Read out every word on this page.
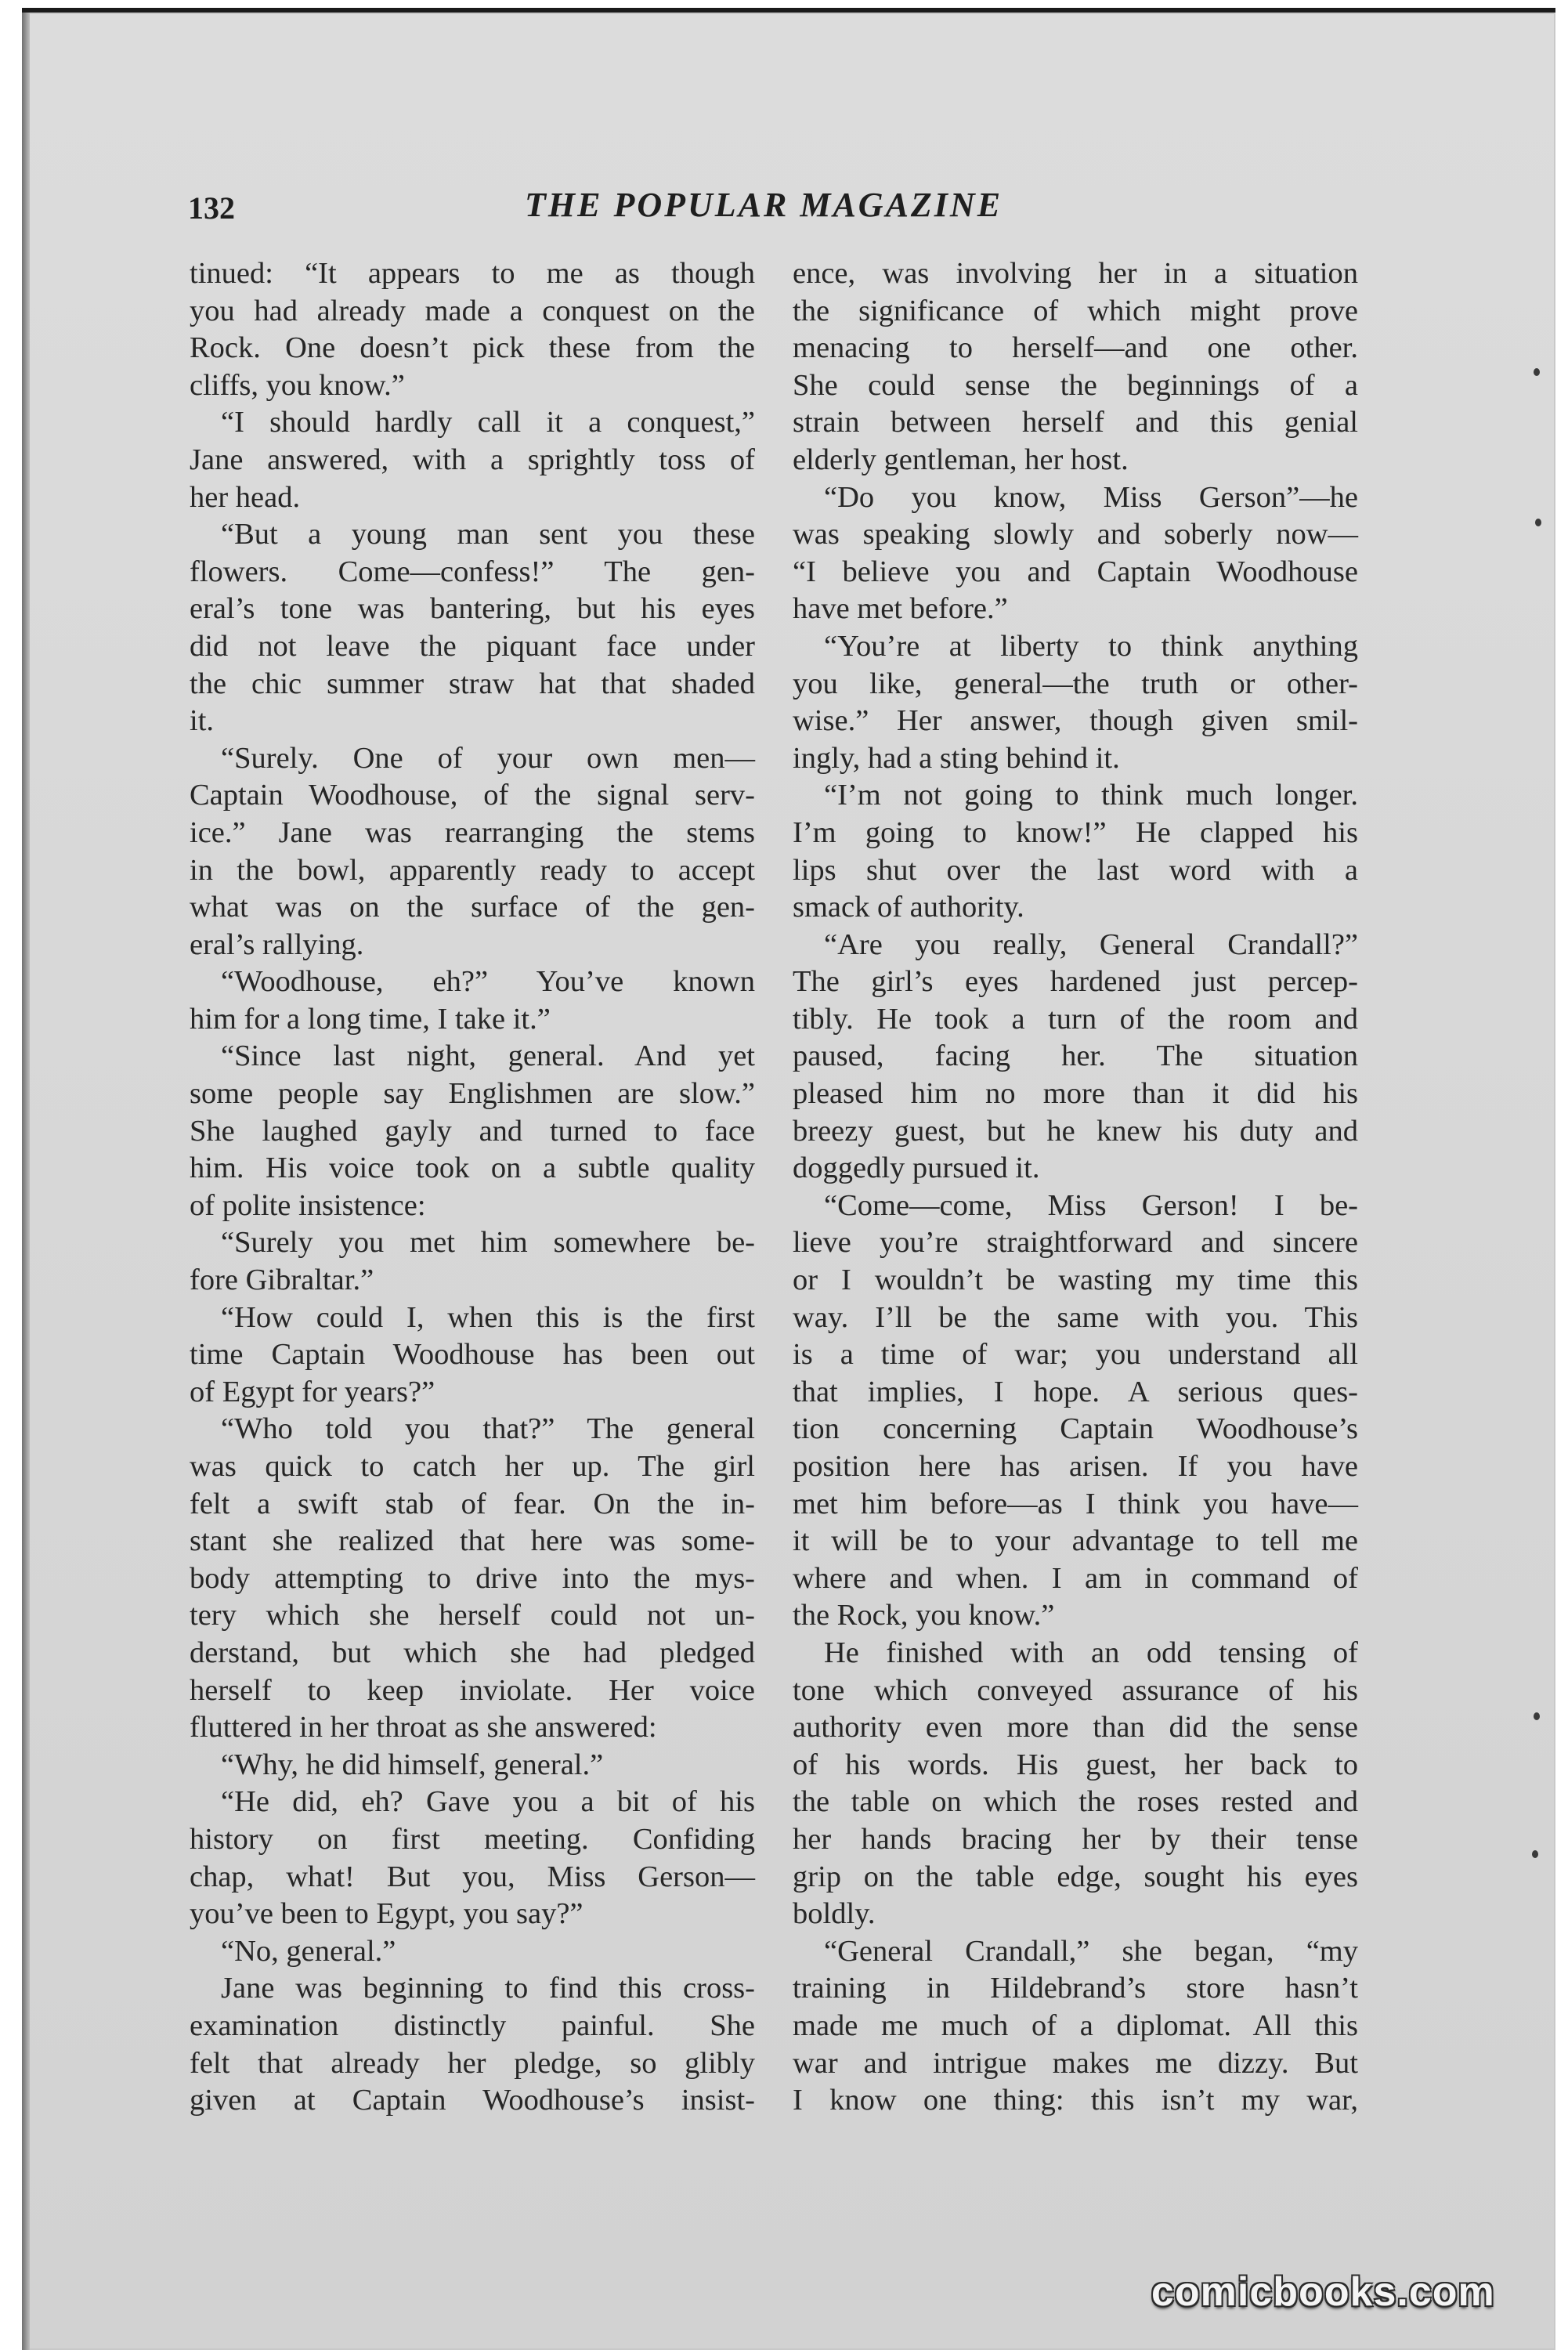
132	THE POPULAR MAGAZINE
tinued: “It appears to me as though
you had already made a conquest on the
Rock. One doesn’t pick these from the
cliffs, you know.”
“I should hardly call it a conquest,”
Jane answered, with a sprightly toss of
her head.
“But a young man sent you these
flowers. Come—confess!” The gen-
eral’s tone was bantering, but his eyes
did not leave the piquant face under
the chic summer straw hat that shaded
it.
“Surely. One of your own men—
Captain Woodhouse, of the signal serv-
ice.” Jane was rearranging the stems
in the bowl, apparently ready to accept
what was on the surface of the gen-
eral’s rallying.
“Woodhouse, eh?” You’ve known
him for a long time, I take it.”
“Since last night, general. And yet
some people say Englishmen are slow.”
She laughed gayly and turned to face
him. His voice took on a subtle quality
of polite insistence:
“Surely you met him somewhere be-
fore Gibraltar.”
“How could I, when this is the first
time Captain Woodhouse has been out
of Egypt for years?”
“Who told you that?” The general
was quick to catch her up. The girl
felt a swift stab of fear. On the in-
stant she realized that here was some-
body attempting to drive into the mys-
tery which she herself could not un-
derstand, but which she had pledged
herself to keep inviolate. Her voice
fluttered in her throat as she answered:
“Why, he did himself, general.”
“He did, eh? Gave you a bit of his
history on first meeting. Confiding
chap, what! But you, Miss Gerson—
you’ve been to Egypt, you say?”
“No, general.”
Jane was beginning to find this cross-
examination distinctly painful. She
felt that already her pledge, so glibly
given at Captain Woodhouse’s insist-
ence, was involving her in a situation
the significance of which might prove
menacing to herself—and one other.
She could sense the beginnings of a
strain between herself and this genial
elderly gentleman, her host.
“Do you know, Miss Gerson”—he
was speaking slowly and soberly now—
“I believe you and Captain Woodhouse
have met before.”
“You’re at liberty to think anything
you like, general—the truth or other-
wise.” Her answer, though given smil-
ingly, had a sting behind it.
“I’m not going to think much longer.
I’m going to know!” He clapped his
lips shut over the last word with a
smack of authority.
“Are you really, General Crandall?”
The girl’s eyes hardened just percep-
tibly. He took a turn of the room and
paused, facing her. The situation
pleased him no more than it did his
breezy guest, but he knew his duty and
doggedly pursued it.
“Come—come, Miss Gerson! I be-
lieve you’re straightforward and sincere
or I wouldn’t be wasting my time this
way. I’ll be the same with you. This
is a time of war; you understand all
that implies, I hope. A serious ques-
tion concerning Captain Woodhouse’s
position here has arisen. If you have
met him before—as I think you have—
it will be to your advantage to tell me
where and when. I am in command of
the Rock, you know.”
He finished with an odd tensing of
tone which conveyed assurance of his
authority even more than did the sense
of his words. His guest, her back to
the table on which the roses rested and
her hands bracing her by their tense
grip on the table edge, sought his eyes
boldly.
“General Crandall,” she began, “my
training in Hildebrand’s store hasn’t
made me much of a diplomat. All this
war and intrigue makes me dizzy. But
I know one thing: this isn’t my war,
comicbooks.com
